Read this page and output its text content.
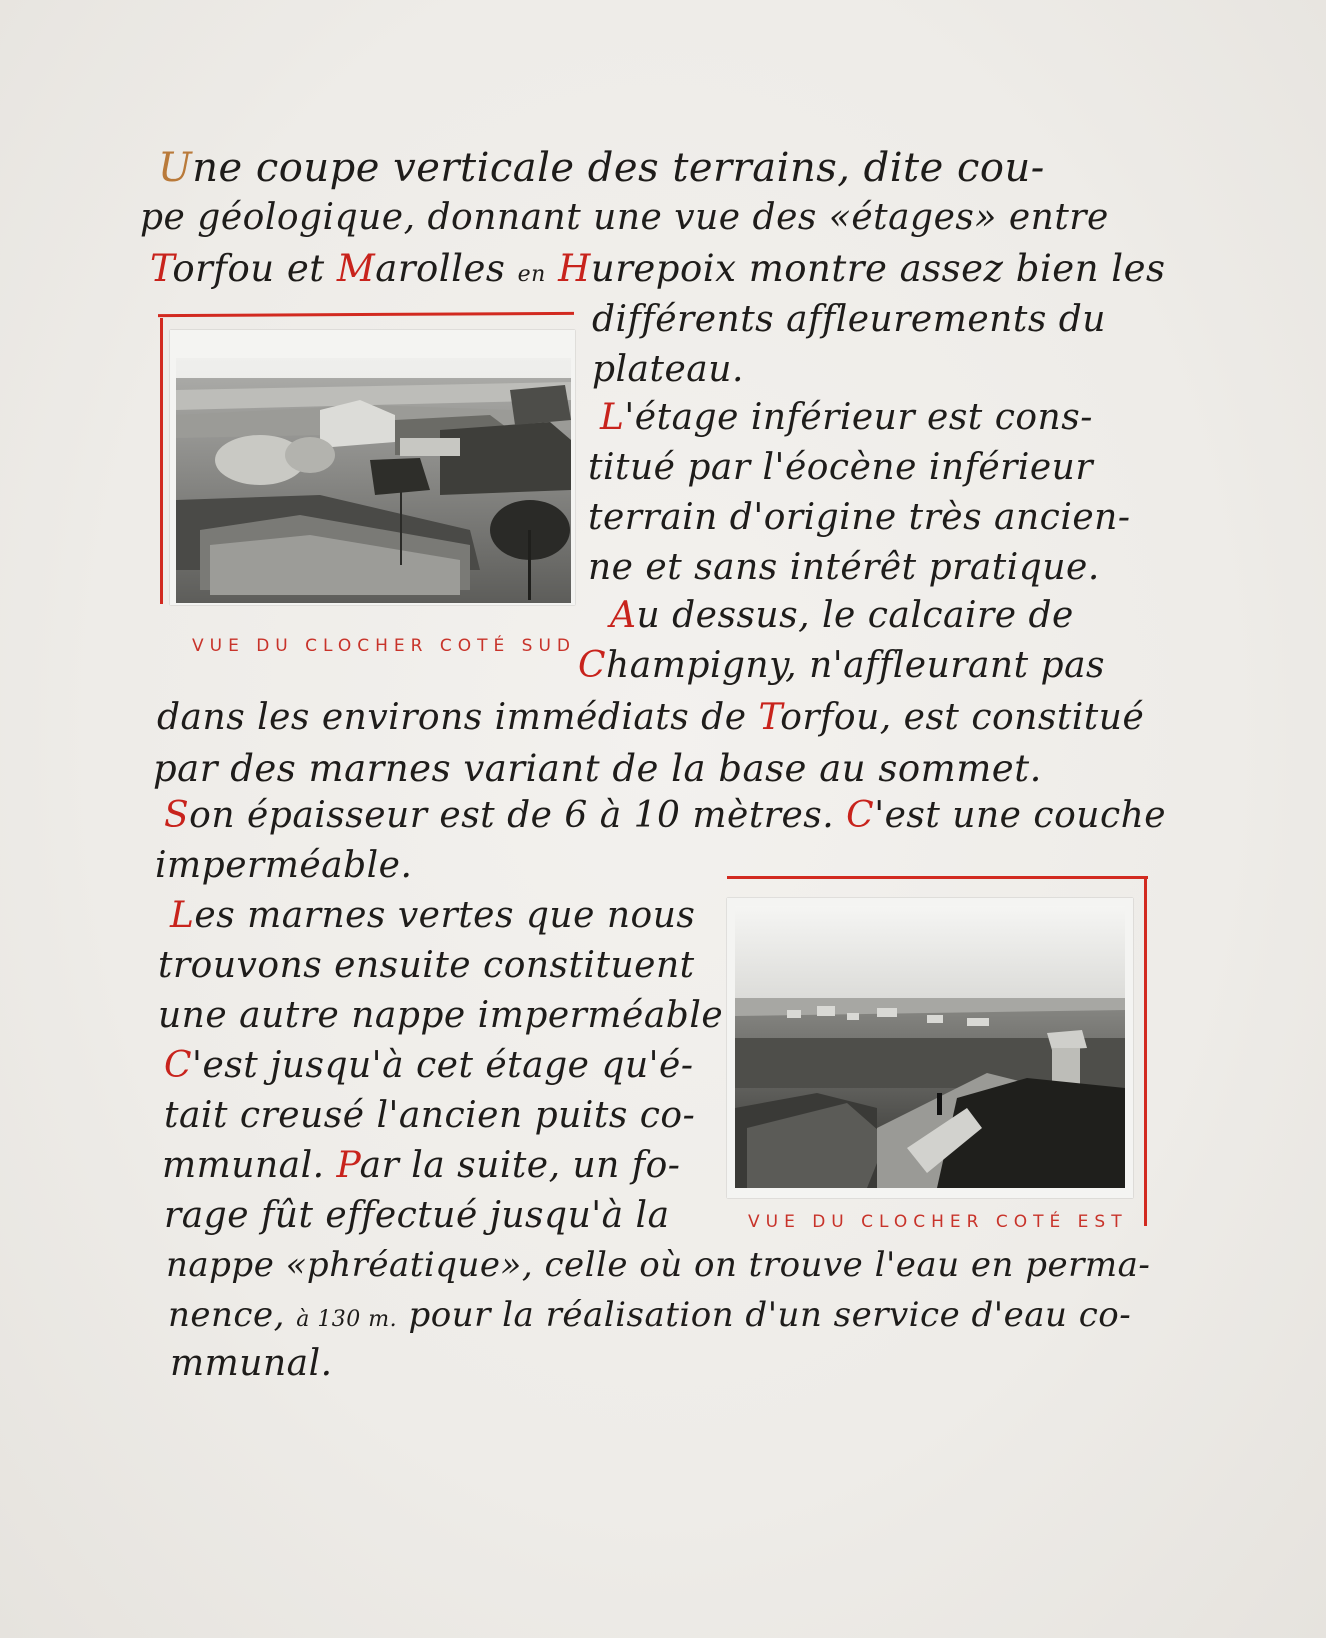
Une coupe verticale des terrains, dite cou-
pe géologique, donnant une vue des «étages» entre
Torfou et Marolles en Hurepoix montre assez bien les
différents affleurements du
plateau.
L'étage inférieur est cons-
titué par l'éocène inférieur
terrain d'origine très ancien-
ne et sans intérêt pratique.
Au dessus, le calcaire de
Champigny, n'affleurant pas
dans les environs immédiats de Torfou, est constitué
par des marnes variant de la base au sommet.
Son épaisseur est de 6 à 10 mètres. C'est une couche
imperméable.
Les marnes vertes que nous
trouvons ensuite constituent
une autre nappe imperméable
C'est jusqu'à cet étage qu'é-
tait creusé l'ancien puits co-
mmunal. Par la suite, un fo-
rage fût effectué jusqu'à la
nappe «phréatique», celle où on trouve l'eau en perma-
nence, à 130 m. pour la réalisation d'un service d'eau co-
mmunal.
VUE DU CLOCHER COTÉ SUD
VUE DU CLOCHER COTÉ EST
